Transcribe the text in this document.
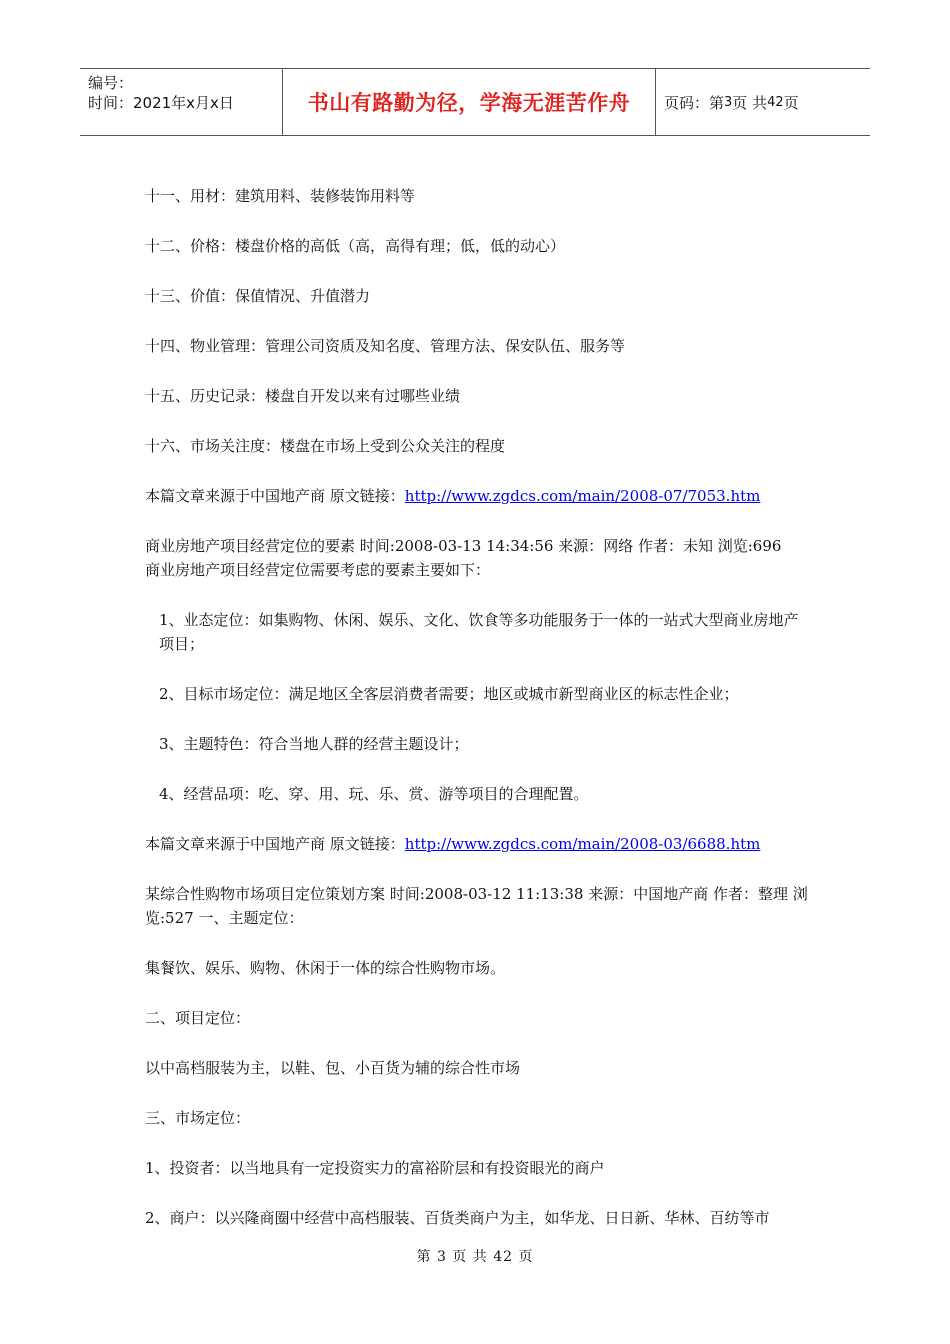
编号：
时间：2021年x月x日	书山有路勤为径，学海无涯苦作舟 页码：第 3 页 共 42 页
十一、用材：建筑用料、装修装饰用料等
十二、价格：楼盘价格的高低（高，高得有理；低，低的动心）
十三、价值：保值情况、升值潜力
十四、物业管理：管理公司资质及知名度、管理方法、保安队伍、服务等
十五、历史记录：楼盘自开发以来有过哪些业绩
十六、市场关注度：楼盘在市场上受到公众关注的程度
本篇文章来源于中国地产商 原文链接：http://www.zgdcs.com/main/2008-07/7053.htm
商业房地产项目经营定位的要素 时间:2008-03-13 14:34:56 来源：网络 作者：未知 浏览:696
商业房地产项目经营定位需要考虑的要素主要如下：
1、业态定位：如集购物、休闲、娱乐、文化、饮食等多功能服务于一体的一站式大型商业房地产项目；
2、目标市场定位：满足地区全客层消费者需要；地区或城市新型商业区的标志性企业；
3、主题特色：符合当地人群的经营主题设计；
4、经营品项：吃、穿、用、玩、乐、赏、游等项目的合理配置。
本篇文章来源于中国地产商 原文链接：http://www.zgdcs.com/main/2008-03/6688.htm
某综合性购物市场项目定位策划方案 时间:2008-03-12 11:13:38 来源：中国地产商 作者：整理 浏览:527 一、主题定位：
集餐饮、娱乐、购物、休闲于一体的综合性购物市场。
二、项目定位：
以中高档服装为主，以鞋、包、小百货为辅的综合性市场
三、市场定位：
1、投资者：以当地具有一定投资实力的富裕阶层和有投资眼光的商户
2、商户：以兴隆商圈中经营中高档服装、百货类商户为主，如华龙、日日新、华林、百纺等市
第 3 页 共 42 页
